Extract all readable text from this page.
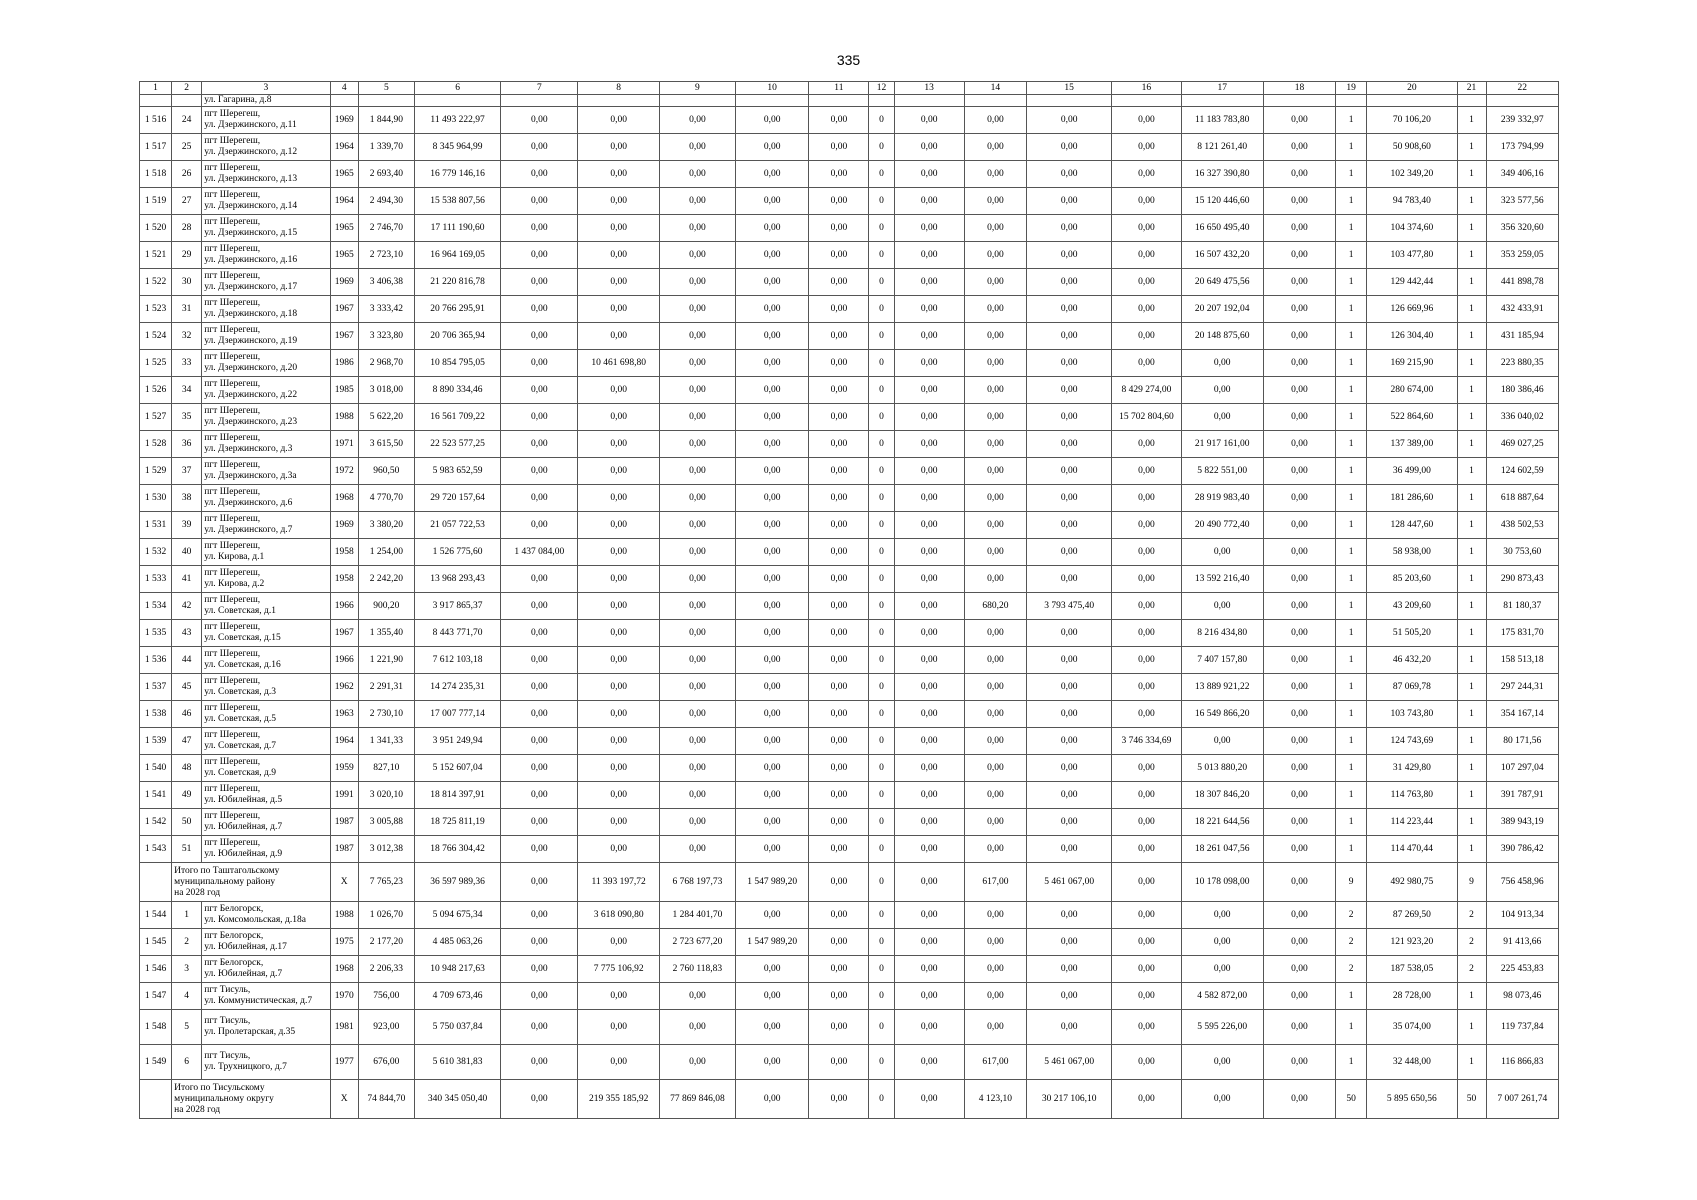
335
1	2	3	4	5	6	7	8	9	10	11	12	13	14	15	16	17	18	19	20	21	22
		ул. Гагарина, д.8																			
1 516	24	пгт Шерегеш,
ул. Дзержинского, д.11	1969	1 844,90	11 493 222,97	0,00	0,00	0,00	0,00	0,00	0	0,00	0,00	0,00	0,00	11 183 783,80	0,00	1	70 106,20	1	239 332,97
1 517	25	пгт Шерегеш,
ул. Дзержинского, д.12	1964	1 339,70	8 345 964,99	0,00	0,00	0,00	0,00	0,00	0	0,00	0,00	0,00	0,00	8 121 261,40	0,00	1	50 908,60	1	173 794,99
1 518	26	пгт Шерегеш,
ул. Дзержинского, д.13	1965	2 693,40	16 779 146,16	0,00	0,00	0,00	0,00	0,00	0	0,00	0,00	0,00	0,00	16 327 390,80	0,00	1	102 349,20	1	349 406,16
1 519	27	пгт Шерегеш,
ул. Дзержинского, д.14	1964	2 494,30	15 538 807,56	0,00	0,00	0,00	0,00	0,00	0	0,00	0,00	0,00	0,00	15 120 446,60	0,00	1	94 783,40	1	323 577,56
1 520	28	пгт Шерегеш,
ул. Дзержинского, д.15	1965	2 746,70	17 111 190,60	0,00	0,00	0,00	0,00	0,00	0	0,00	0,00	0,00	0,00	16 650 495,40	0,00	1	104 374,60	1	356 320,60
1 521	29	пгт Шерегеш,
ул. Дзержинского, д.16	1965	2 723,10	16 964 169,05	0,00	0,00	0,00	0,00	0,00	0	0,00	0,00	0,00	0,00	16 507 432,20	0,00	1	103 477,80	1	353 259,05
1 522	30	пгт Шерегеш,
ул. Дзержинского, д.17	1969	3 406,38	21 220 816,78	0,00	0,00	0,00	0,00	0,00	0	0,00	0,00	0,00	0,00	20 649 475,56	0,00	1	129 442,44	1	441 898,78
1 523	31	пгт Шерегеш,
ул. Дзержинского, д.18	1967	3 333,42	20 766 295,91	0,00	0,00	0,00	0,00	0,00	0	0,00	0,00	0,00	0,00	20 207 192,04	0,00	1	126 669,96	1	432 433,91
1 524	32	пгт Шерегеш,
ул. Дзержинского, д.19	1967	3 323,80	20 706 365,94	0,00	0,00	0,00	0,00	0,00	0	0,00	0,00	0,00	0,00	20 148 875,60	0,00	1	126 304,40	1	431 185,94
1 525	33	пгт Шерегеш,
ул. Дзержинского, д.20	1986	2 968,70	10 854 795,05	0,00	10 461 698,80	0,00	0,00	0,00	0	0,00	0,00	0,00	0,00	0,00	0,00	1	169 215,90	1	223 880,35
1 526	34	пгт Шерегеш,
ул. Дзержинского, д.22	1985	3 018,00	8 890 334,46	0,00	0,00	0,00	0,00	0,00	0	0,00	0,00	0,00	8 429 274,00	0,00	0,00	1	280 674,00	1	180 386,46
1 527	35	пгт Шерегеш,
ул. Дзержинского, д.23	1988	5 622,20	16 561 709,22	0,00	0,00	0,00	0,00	0,00	0	0,00	0,00	0,00	15 702 804,60	0,00	0,00	1	522 864,60	1	336 040,02
1 528	36	пгт Шерегеш,
ул. Дзержинского, д.3	1971	3 615,50	22 523 577,25	0,00	0,00	0,00	0,00	0,00	0	0,00	0,00	0,00	0,00	21 917 161,00	0,00	1	137 389,00	1	469 027,25
1 529	37	пгт Шерегеш,
ул. Дзержинского, д.3а	1972	960,50	5 983 652,59	0,00	0,00	0,00	0,00	0,00	0	0,00	0,00	0,00	0,00	5 822 551,00	0,00	1	36 499,00	1	124 602,59
1 530	38	пгт Шерегеш,
ул. Дзержинского, д.6	1968	4 770,70	29 720 157,64	0,00	0,00	0,00	0,00	0,00	0	0,00	0,00	0,00	0,00	28 919 983,40	0,00	1	181 286,60	1	618 887,64
1 531	39	пгт Шерегеш,
ул. Дзержинского, д.7	1969	3 380,20	21 057 722,53	0,00	0,00	0,00	0,00	0,00	0	0,00	0,00	0,00	0,00	20 490 772,40	0,00	1	128 447,60	1	438 502,53
1 532	40	пгт Шерегеш,
ул. Кирова, д.1	1958	1 254,00	1 526 775,60	1 437 084,00	0,00	0,00	0,00	0,00	0	0,00	0,00	0,00	0,00	0,00	0,00	1	58 938,00	1	30 753,60
1 533	41	пгт Шерегеш,
ул. Кирова, д.2	1958	2 242,20	13 968 293,43	0,00	0,00	0,00	0,00	0,00	0	0,00	0,00	0,00	0,00	13 592 216,40	0,00	1	85 203,60	1	290 873,43
1 534	42	пгт Шерегеш,
ул. Советская, д.1	1966	900,20	3 917 865,37	0,00	0,00	0,00	0,00	0,00	0	0,00	680,20	3 793 475,40	0,00	0,00	0,00	1	43 209,60	1	81 180,37
1 535	43	пгт Шерегеш,
ул. Советская, д.15	1967	1 355,40	8 443 771,70	0,00	0,00	0,00	0,00	0,00	0	0,00	0,00	0,00	0,00	8 216 434,80	0,00	1	51 505,20	1	175 831,70
1 536	44	пгт Шерегеш,
ул. Советская, д.16	1966	1 221,90	7 612 103,18	0,00	0,00	0,00	0,00	0,00	0	0,00	0,00	0,00	0,00	7 407 157,80	0,00	1	46 432,20	1	158 513,18
1 537	45	пгт Шерегеш,
ул. Советская, д.3	1962	2 291,31	14 274 235,31	0,00	0,00	0,00	0,00	0,00	0	0,00	0,00	0,00	0,00	13 889 921,22	0,00	1	87 069,78	1	297 244,31
1 538	46	пгт Шерегеш,
ул. Советская, д.5	1963	2 730,10	17 007 777,14	0,00	0,00	0,00	0,00	0,00	0	0,00	0,00	0,00	0,00	16 549 866,20	0,00	1	103 743,80	1	354 167,14
1 539	47	пгт Шерегеш,
ул. Советская, д.7	1964	1 341,33	3 951 249,94	0,00	0,00	0,00	0,00	0,00	0	0,00	0,00	0,00	3 746 334,69	0,00	0,00	1	124 743,69	1	80 171,56
1 540	48	пгт Шерегеш,
ул. Советская, д.9	1959	827,10	5 152 607,04	0,00	0,00	0,00	0,00	0,00	0	0,00	0,00	0,00	0,00	5 013 880,20	0,00	1	31 429,80	1	107 297,04
1 541	49	пгт Шерегеш,
ул. Юбилейная, д.5	1991	3 020,10	18 814 397,91	0,00	0,00	0,00	0,00	0,00	0	0,00	0,00	0,00	0,00	18 307 846,20	0,00	1	114 763,80	1	391 787,91
1 542	50	пгт Шерегеш,
ул. Юбилейная, д.7	1987	3 005,88	18 725 811,19	0,00	0,00	0,00	0,00	0,00	0	0,00	0,00	0,00	0,00	18 221 644,56	0,00	1	114 223,44	1	389 943,19
1 543	51	пгт Шерегеш,
ул. Юбилейная, д.9	1987	3 012,38	18 766 304,42	0,00	0,00	0,00	0,00	0,00	0	0,00	0,00	0,00	0,00	18 261 047,56	0,00	1	114 470,44	1	390 786,42

	Итого по Таштагольскому
муниципальному району
на 2028 год		Х	7 765,23	36 597 989,36	0,00	11 393 197,72	6 768 197,73	1 547 989,20	0,00	0	0,00	617,00	5 461 067,00	0,00	10 178 098,00	0,00	9	492 980,75	9	756 458,96
1 544	1	пгт Белогорск,
ул. Комсомольская, д.18а	1988	1 026,70	5 094 675,34	0,00	3 618 090,80	1 284 401,70	0,00	0,00	0	0,00	0,00	0,00	0,00	0,00	0,00	2	87 269,50	2	104 913,34
1 545	2	пгт Белогорск,
ул. Юбилейная, д.17	1975	2 177,20	4 485 063,26	0,00	0,00	2 723 677,20	1 547 989,20	0,00	0	0,00	0,00	0,00	0,00	0,00	0,00	2	121 923,20	2	91 413,66
1 546	3	пгт Белогорск,
ул. Юбилейная, д.7	1968	2 206,33	10 948 217,63	0,00	7 775 106,92	2 760 118,83	0,00	0,00	0	0,00	0,00	0,00	0,00	0,00	0,00	2	187 538,05	2	225 453,83
1 547	4	пгт Тисуль,
ул. Коммунистическая, д.7	1970	756,00	4 709 673,46	0,00	0,00	0,00	0,00	0,00	0	0,00	0,00	0,00	0,00	4 582 872,00	0,00	1	28 728,00	1	98 073,46
1 548	5	пгт Тисуль,
ул. Пролетарская, д.35	1981	923,00	5 750 037,84	0,00	0,00	0,00	0,00	0,00	0	0,00	0,00	0,00	0,00	5 595 226,00	0,00	1	35 074,00	1	119 737,84
1 549	6	пгт Тисуль,
ул. Трухницкого, д.7	1977	676,00	5 610 381,83	0,00	0,00	0,00	0,00	0,00	0	0,00	617,00	5 461 067,00	0,00	0,00	0,00	1	32 448,00	1	116 866,83

	Итого по Тисульскому
муниципальному округу
на 2028 год		Х	74 844,70	340 345 050,40	0,00	219 355 185,92	77 869 846,08	0,00	0,00	0	0,00	4 123,10	30 217 106,10	0,00	0,00	0,00	50	5 895 650,56	50	7 007 261,74
